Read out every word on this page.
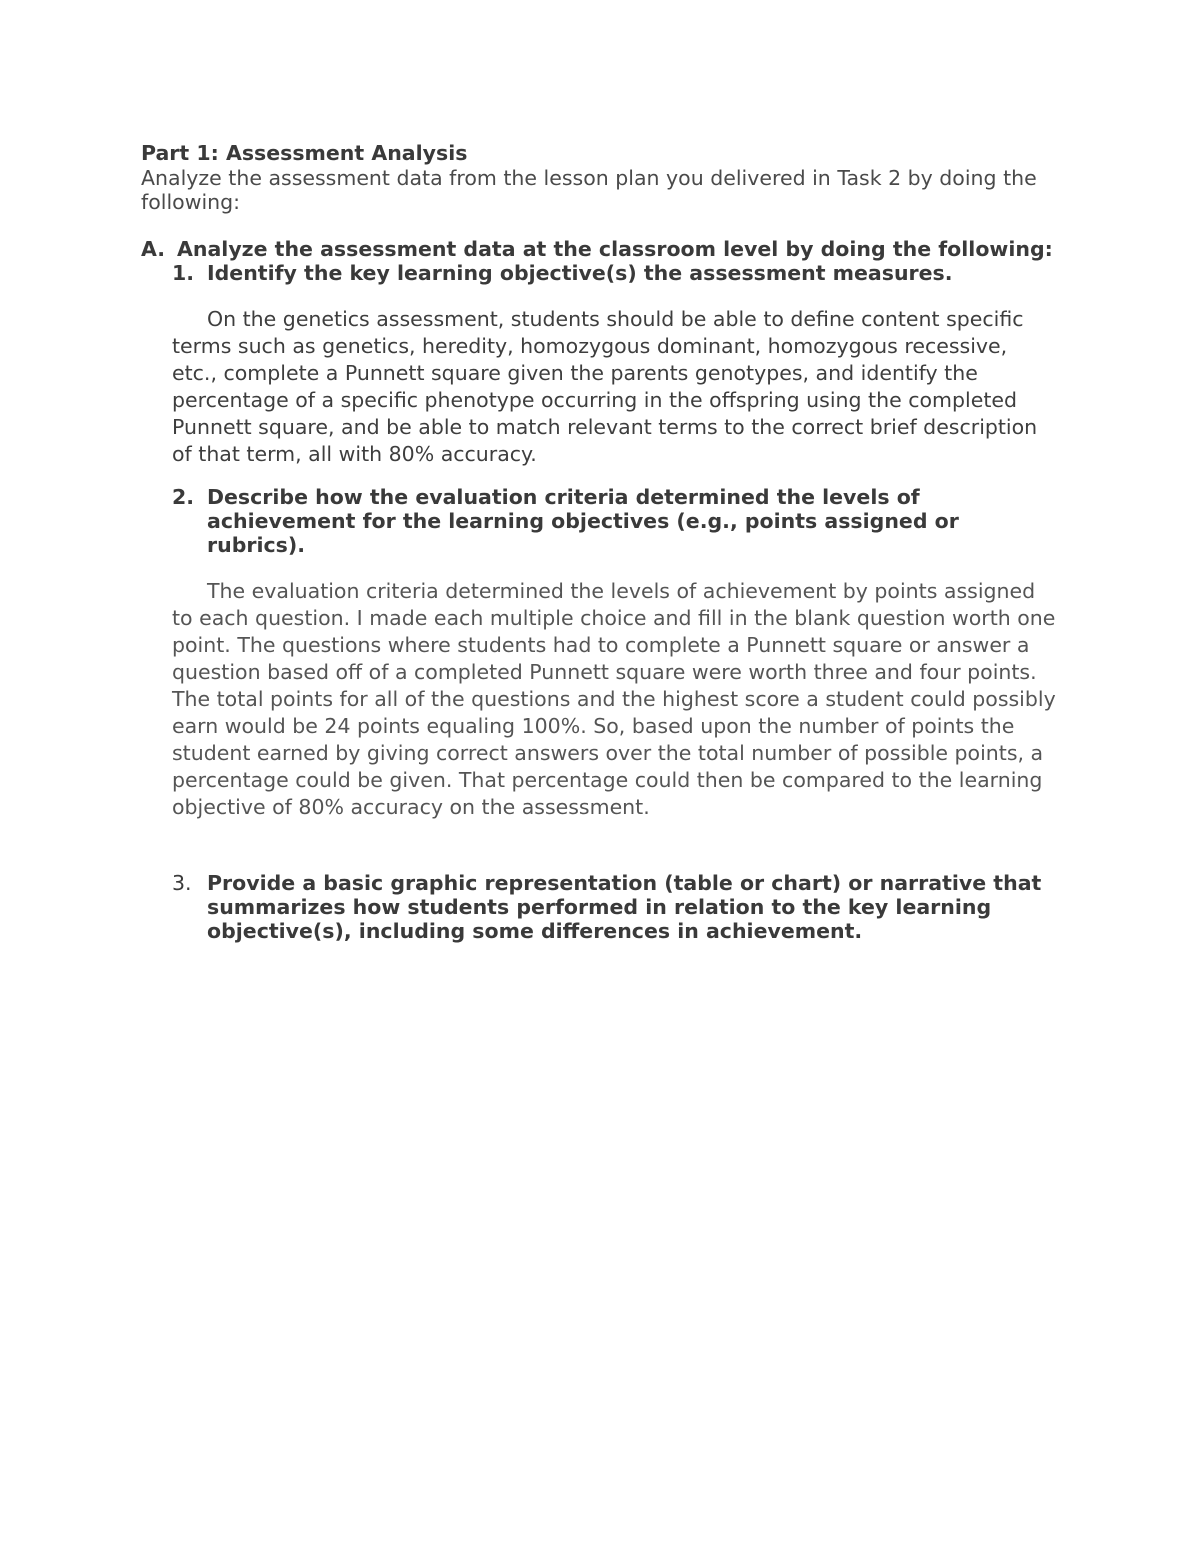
Part 1: Assessment Analysis

Analyze the assessment data from the lesson plan you delivered in Task 2 by doing the following:

A. Analyze the assessment data at the classroom level by doing the following:

1. Identify the key learning objective(s) the assessment measures.

On the genetics assessment, students should be able to define content specific terms such as genetics, heredity, homozygous dominant, homozygous recessive, etc., complete a Punnett square given the parents genotypes, and identify the percentage of a specific phenotype occurring in the offspring using the completed Punnett square, and be able to match relevant terms to the correct brief description of that term, all with 80% accuracy.

2. Describe how the evaluation criteria determined the levels of achievement for the learning objectives (e.g., points assigned or rubrics).

The evaluation criteria determined the levels of achievement by points assigned to each question. I made each multiple choice and fill in the blank question worth one point. The questions where students had to complete a Punnett square or answer a question based off of a completed Punnett square were worth three and four points. The total points for all of the questions and the highest score a student could possibly earn would be 24 points equaling 100%. So, based upon the number of points the student earned by giving correct answers over the total number of possible points, a percentage could be given. That percentage could then be compared to the learning objective of 80% accuracy on the assessment.

3. Provide a basic graphic representation (table or chart) or narrative that summarizes how students performed in relation to the key learning objective(s), including some differences in achievement.
